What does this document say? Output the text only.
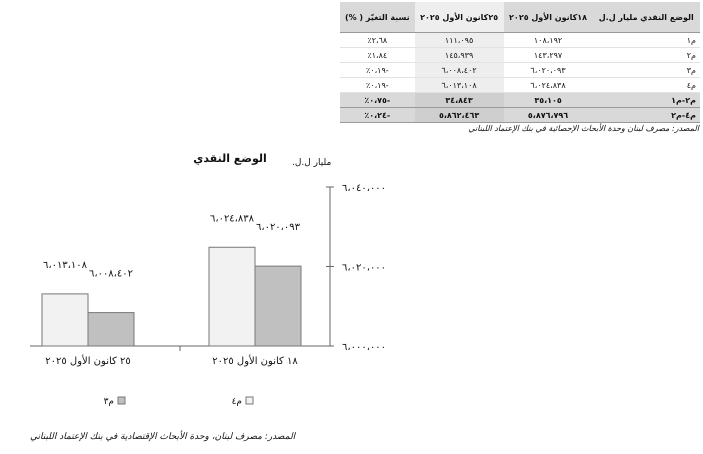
الوضع النقدي مليار ل.ل	١٨كانون الأول ٢٠٢٥	٢٥كانون الأول ٢٠٢٥	نسبة التغيّر ( %)
م١	١٠٨،١٩٢	١١١،٠٩٥	٢،٦٨٪
م٢	١٤٣،٢٩٧	١٤٥،٩٣٩	١،٨٤٪
م٣	٦،٠٢٠،٠٩٣	٦،٠٠٨،٤٠٢	-٠،١٩٪
م٤	٦،٠٢٤،٨٣٨	٦،٠١٣،١٠٨	-٠،١٩٪
م٢-م١	٣٥،١٠٥	٣٤،٨٤٣	-٠،٧٥٪
م٤-م٢	٥،٨٧٦،٧٩٦	٥،٨٦٢،٤٦٣	-٠،٢٤٪
المصدر: مصرف لبنان وحدة الأبحاث الإحصائية في بنك الإعتماد اللبناني
الوضع النقدي	مليار ل.ل.
٦،٠٠٠،٠٠٠
٦،٠٢٠،٠٠٠
٦،٠٤٠،٠٠٠
٦،٠٢٤،٨٣٨
٦،٠٢٠،٠٩٣
١٨ كانون الأول ٢٠٢٥
٦،٠١٣،١٠٨
٦،٠٠٨،٤٠٢
٢٥ كانون الأول ٢٠٢٥
م٤
م٣
المصدر: مصرف لبنان، وحدة الأبحاث الإقتصادية في بنك الإعتماد اللبناني
